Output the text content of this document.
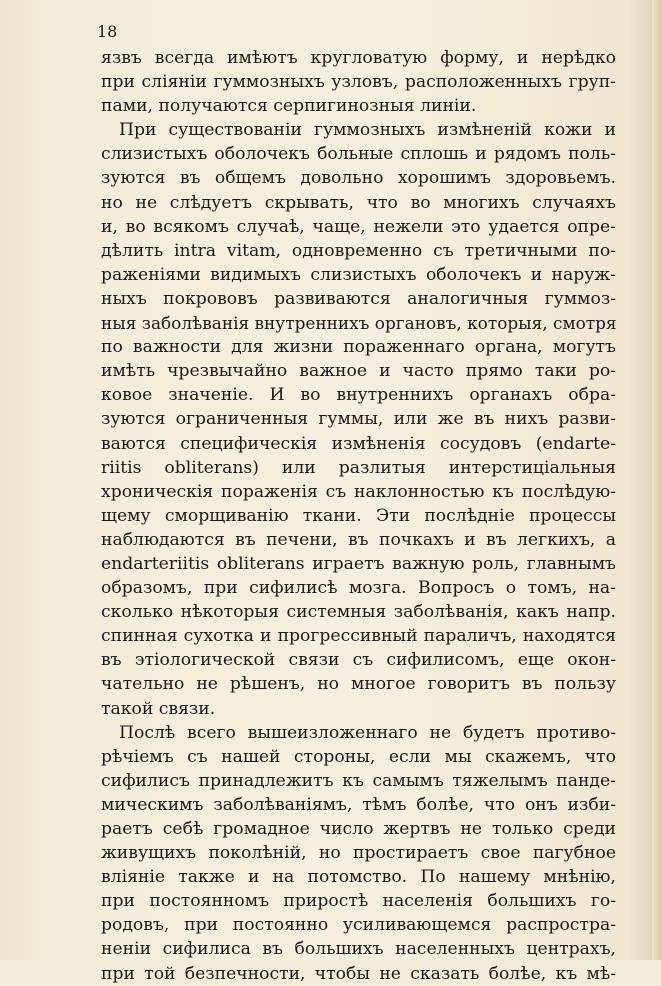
18
язвъ всегда имѣютъ кругловатую форму, и нерѣдко
при сліяніи гуммозныхъ узловъ, расположенныхъ груп-
пами, получаются серпигинозныя линіи.
При существованіи гуммозныхъ измѣненій кожи и
слизистыхъ оболочекъ больные сплошь и рядомъ поль-
зуются въ общемъ довольно хорошимъ здоровьемъ.
но не слѣдуетъ скрывать, что во многихъ случаяхъ
и, во всякомъ случаѣ, чаще, нежели это удается опре-
дѣлить intra vitam, одновременно съ третичными по-
раженіями видимыхъ слизистыхъ оболочекъ и наруж-
ныхъ покрововъ развиваются аналогичныя гуммоз-
ныя заболѣванія внутреннихъ органовъ, которыя, смотря
по важности для жизни пораженнаго органа, могутъ
имѣть чрезвычайно важное и часто прямо таки ро-
ковое значеніе. И во внутреннихъ органахъ обра-
зуются ограниченныя гуммы, или же въ нихъ разви-
ваются специфическія измѣненія сосудовъ (endarte-
riitis obliterans) или разлитыя интерстиціальныя
хроническія пораженія съ наклонностью къ послѣдую-
щему сморщиванію ткани. Эти послѣдніе процессы
наблюдаются въ печени, въ почкахъ и въ легкихъ, а
endarteriitis obliterans играетъ важную роль, главнымъ
образомъ, при сифилисѣ мозга. Вопросъ о томъ, на-
сколько нѣкоторыя системныя заболѣванія, какъ напр.
спинная сухотка и прогрессивный параличъ, находятся
въ этіологической связи съ сифилисомъ, еще окон-
чательно не рѣшенъ, но многое говоритъ въ пользу
такой связи.
Послѣ всего вышеизложеннаго не будетъ противо-
рѣчіемъ съ нашей стороны, если мы скажемъ, что
сифилисъ принадлежитъ къ самымъ тяжелымъ панде-
мическимъ заболѣваніямъ, тѣмъ болѣе, что онъ изби-
раетъ себѣ громадное число жертвъ не только среди
живущихъ поколѣній, но простираетъ свое пагубное
вліяніе также и на потомство. По нашему мнѣнію,
при постоянномъ приростѣ населенія большихъ го-
родовъ, при постоянно усиливающемся распростра-
неніи сифилиса въ большихъ населенныхъ центрахъ,
при той безпечности, чтобы не сказать болѣе, къ мѣ-
